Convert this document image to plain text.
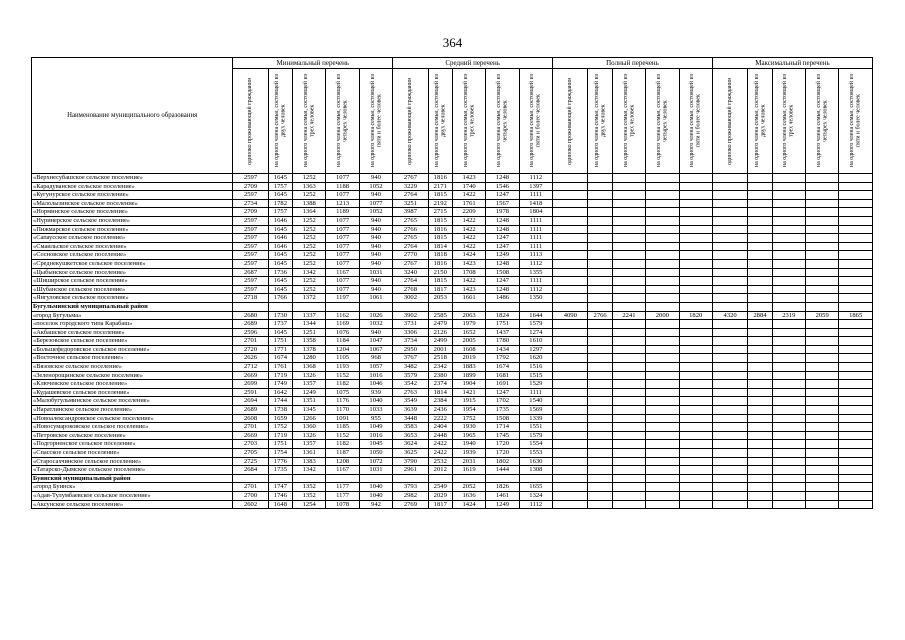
364
Наименование муниципального образования	Минимальный перечень					Средний перечень					Полный перечень					Максимальный перечень				

	одиноко проживающий гражданин	на одного члена семьи, состоящей из двух человек	на одного члена семьи, состоящей из трех человек	на одного члена семьи, состоящей из четырех человек	на одного члена семьи, состоящей из пяти и более человек	одиноко проживающий гражданин	на одного члена семьи, состоящей из двух человек	на одного члена семьи, состоящей из трех человек	на одного члена семьи, состоящей из четырех человек	на одного члена семьи, состоящей из пяти и более человек	одиноко проживающий гражданин	на одного члена семьи, состоящей из двух человек	на одного члена семьи, состоящей из трех человек	на одного члена семьи, состоящей из четырех человек	на одного члена семьи, состоящей из пяти и более человек	одиноко проживающий гражданин	на одного члена семьи, состоящей из двух человек	на одного члена семьи, состоящей из трех человек	на одного члена семьи, состоящей из четырех человек	на одного члена семьи, состоящей из пяти и более человек

«Верхнесубашское сельское поселение»	2597	1645	1252	1077	940	2767	1816	1423	1248	1112										
«Карадуванское сельское поселение»	2709	1757	1363	1188	1052	3229	2171	1740	1546	1397										
«Кугунурское сельское поселение»	2597	1645	1252	1077	940	2764	1815	1422	1247	1111										
«Малолызинское сельское поселение»	2734	1782	1388	1213	1077	3251	2192	1761	1567	1418										
«Норминское сельское поселение»	2709	1757	1364	1189	1052	3987	2715	2209	1978	1804										
«Нуринерское сельское поселение»	2597	1646	1252	1077	940	2765	1815	1422	1248	1111										
«Пижмарское сельское поселение»	2597	1645	1252	1077	940	2766	1816	1422	1248	1111										
«Сапаусское сельское поселение»	2597	1646	1252	1077	940	2765	1815	1422	1247	1111										
«Смаильское сельское поселение»	2597	1646	1252	1077	940	2764	1814	1422	1247	1111										
«Сосновское сельское поселение»	2597	1645	1252	1077	940	2770	1818	1424	1249	1113										
«Среднекушкетское сельское поселение»	2597	1645	1252	1077	940	2767	1816	1423	1248	1112										
«Цыбынское сельское поселение»	2687	1736	1342	1167	1031	3240	2150	1708	1508	1355										
«Шиширское сельское поселение»	2597	1645	1252	1077	940	2764	1815	1422	1247	1111										
«Шубанское сельское поселение»	2597	1645	1252	1077	940	2768	1817	1423	1248	1112										
«Янгуловское сельское поселение»	2718	1766	1372	1197	1061	3002	2053	1661	1486	1350										
Бугульминский муниципальный район																				
«город Бугульма»	2680	1730	1337	1162	1026	3902	2585	2063	1824	1644	4090	2766	2241	2000	1820	4320	2884	2319	2059	1865
«поселок городского типа Карабаш»	2689	1737	1344	1169	1032	3731	2479	1979	1751	1579										
«Акбашское сельское поселение»	2596	1645	1251	1076	940	3306	2126	1652	1437	1274										
«Березовское сельское поселение»	2701	1751	1358	1184	1047	3734	2499	2005	1780	1610										
«Большефедоровское сельское поселение»	2720	1771	1378	1204	1067	2950	2001	1608	1434	1297										
«Восточное сельское поселение»	2626	1674	1280	1105	968	3767	2518	2019	1792	1620										
«Вязовское сельское поселение»	2712	1761	1368	1193	1057	3482	2342	1883	1674	1516										
«Зеленорощинское сельское поселение»	2669	1719	1326	1152	1016	3579	2380	1899	1681	1515										
«Ключевское сельское поселение»	2699	1749	1357	1182	1046	3542	2374	1904	1691	1529										
«Кудашевское сельское поселение»	2591	1642	1249	1075	939	2763	1814	1421	1247	1111										
«Малобугульминское сельское поселение»	2694	1744	1351	1176	1040	3549	2384	1915	1702	1540										
«Наратлинское сельское поселение»	2689	1738	1345	1170	1033	3639	2436	1954	1735	1569										
«Новоалександровское сельское поселение»	2608	1659	1266	1091	955	3448	2222	1752	1508	1339										
«Новосумароковское сельское поселение»	2701	1752	1360	1185	1049	3583	2404	1930	1714	1551										
«Петровское сельское поселение»	2669	1719	1326	1152	1016	3653	2448	1965	1745	1579										
«Подгорненское сельское поселение»	2703	1751	1357	1182	1045	3624	2422	1940	1720	1554										
«Спасское сельское поселение»	2705	1754	1361	1187	1050	3625	2422	1939	1720	1553										
«Старосахчинское сельское поселение»	2725	1776	1383	1208	1072	3790	2532	2031	1802	1630										
«Татарско-Дымское сельское поселение»	2684	1735	1342	1167	1031	2961	2012	1619	1444	1308										
Буинский муниципальный район																				
«город Буинск»	2701	1747	1352	1177	1040	3793	2549	2052	1826	1655										
«Адав-Тулумбаевское сельское поселение»	2700	1746	1352	1177	1040	2982	2029	1636	1461	1324										
«Аксунское сельское поселение»	2602	1648	1254	1078	942	2769	1817	1424	1249	1112										
